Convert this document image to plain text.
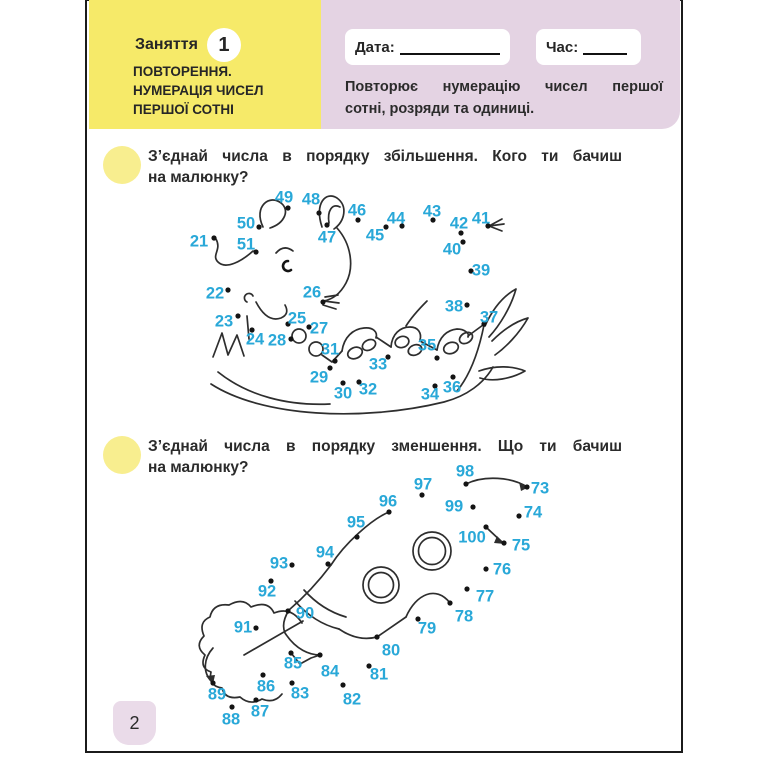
Заняття	1
ПОВТОРЕННЯ.
НУМЕРАЦІЯ ЧИСЕЛ
ПЕРШОЇ СОТНІ
Дата:	Час:
Повторює нумерацію чисел першої
сотні, розряди та одиниці.
Зʼєднай числа в порядку збільшення. Кого ти бачиш
на малюнку?
Зʼєднай числа в порядку зменшення. Що ти бачиш
на малюнку?
21
22
23
24
25
26
27
28
29
30
31
32
33
34
35
36
37
38
39
40
41
42
43
44
45
46
47
48
49
50
51
73
74
75
76
77
78
79
80
81
82
83
84
85
86
87
88
89
90
91
92
93
94
95
96
97
98
99
100
2
